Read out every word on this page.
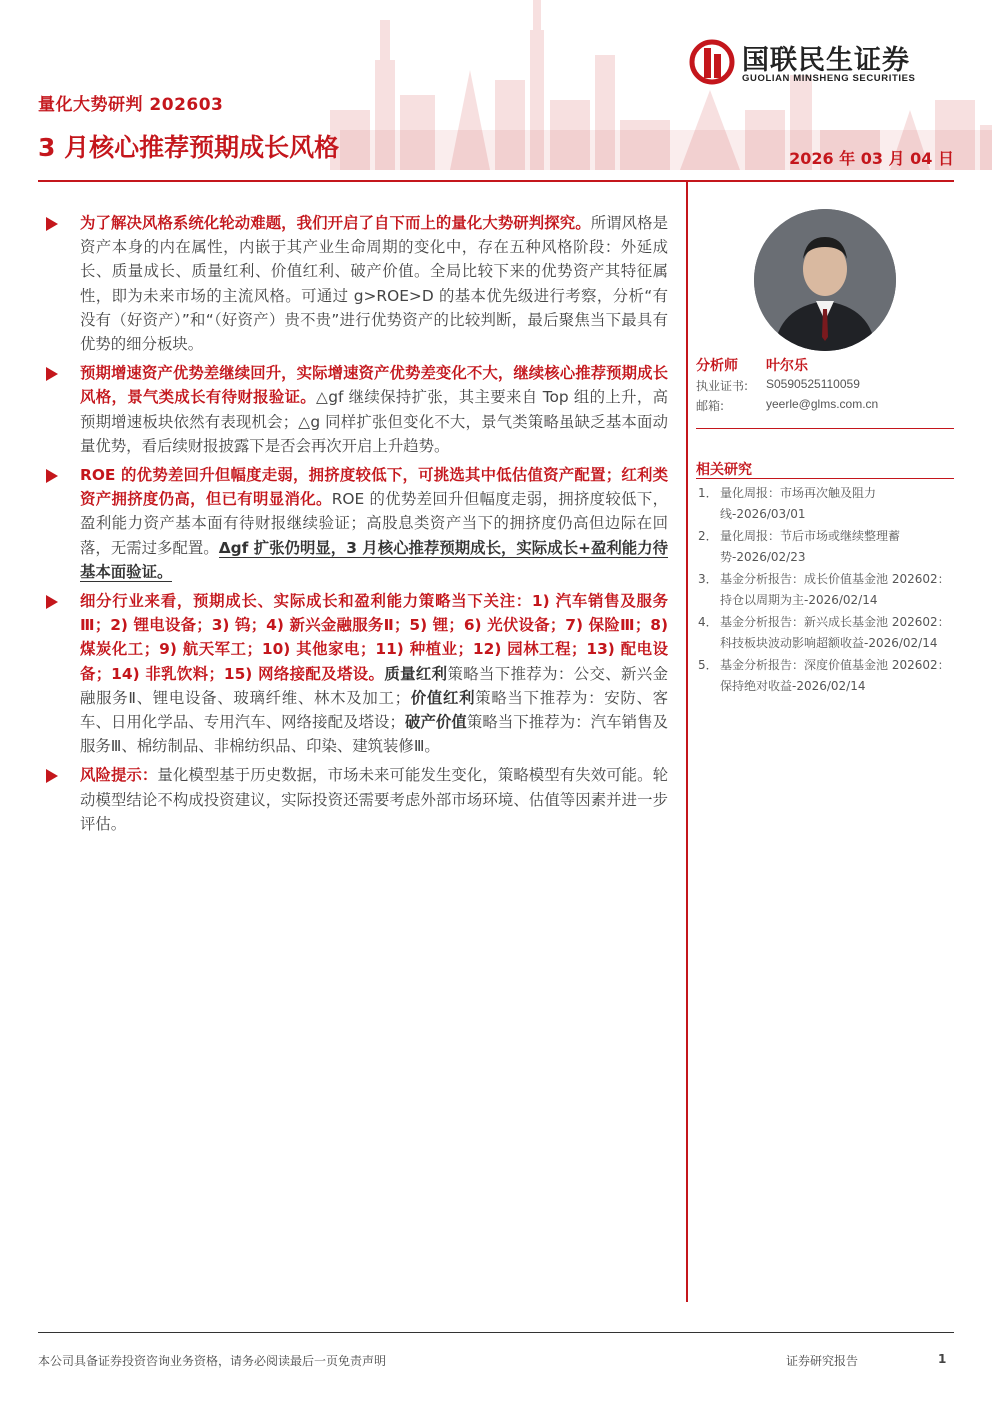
国联民生证券
GUOLIAN MINSHENG SECURITIES
量化大势研判 202603
3 月核心推荐预期成长风格	2026 年 03 月 04 日
为了解决风格系统化轮动难题，我们开启了自下而上的量化大势研判探究。所谓风格是资产本身的内在属性，内嵌于其产业生命周期的变化中，存在五种风格阶段：外延成长、质量成长、质量红利、价值红利、破产价值。全局比较下来的优势资产其特征属性，即为未来市场的主流风格。可通过 g>ROE>D 的基本优先级进行考察，分析“有没有（好资产）”和“（好资产）贵不贵”进行优势资产的比较判断，最后聚焦当下最具有优势的细分板块。
预期增速资产优势差继续回升，实际增速资产优势差变化不大，继续核心推荐预期成长风格，景气类成长有待财报验证。△gf 继续保持扩张，其主要来自 Top 组的上升，高预期增速板块依然有表现机会；△g 同样扩张但变化不大，景气类策略虽缺乏基本面动量优势，看后续财报披露下是否会再次开启上升趋势。
ROE 的优势差回升但幅度走弱，拥挤度较低下，可挑选其中低估值资产配置；红利类资产拥挤度仍高，但已有明显消化。ROE 的优势差回升但幅度走弱，拥挤度较低下，盈利能力资产基本面有待财报继续验证；高股息类资产当下的拥挤度仍高但边际在回落，无需过多配置。Δgf 扩张仍明显，3 月核心推荐预期成长，实际成长+盈利能力待基本面验证。
细分行业来看，预期成长、实际成长和盈利能力策略当下关注：1) 汽车销售及服务Ⅲ；2) 锂电设备；3) 钨；4) 新兴金融服务Ⅱ；5) 锂；6) 光伏设备；7) 保险Ⅲ；8) 煤炭化工；9) 航天军工；10) 其他家电；11) 种植业；12) 园林工程；13) 配电设备；14) 非乳饮料；15) 网络接配及塔设。质量红利策略当下推荐为：公交、新兴金融服务Ⅱ、锂电设备、玻璃纤维、林木及加工；价值红利策略当下推荐为：安防、客车、日用化学品、专用汽车、网络接配及塔设；破产价值策略当下推荐为：汽车销售及服务Ⅲ、棉纺制品、非棉纺织品、印染、建筑装修Ⅲ。
风险提示：量化模型基于历史数据，市场未来可能发生变化，策略模型有失效可能。轮动模型结论不构成投资建议，实际投资还需要考虑外部市场环境、估值等因素并进一步评估。
分析师 叶尔乐
执业证书: S0590525110059
邮箱:	yeerle@glms.com.cn
相关研究
1． 量化周报：市场再次触及阻力线-2026/03/01
2． 量化周报：节后市场或继续整理蓄势-2026/02/23
3． 基金分析报告：成长价值基金池 202602：持仓以周期为主-2026/02/14
4． 基金分析报告：新兴成长基金池 202602：科技板块波动影响超额收益-2026/02/14
5． 基金分析报告：深度价值基金池 202602：保持绝对收益-2026/02/14
本公司具备证券投资咨询业务资格，请务必阅读最后一页免责声明	证券研究报告	1
